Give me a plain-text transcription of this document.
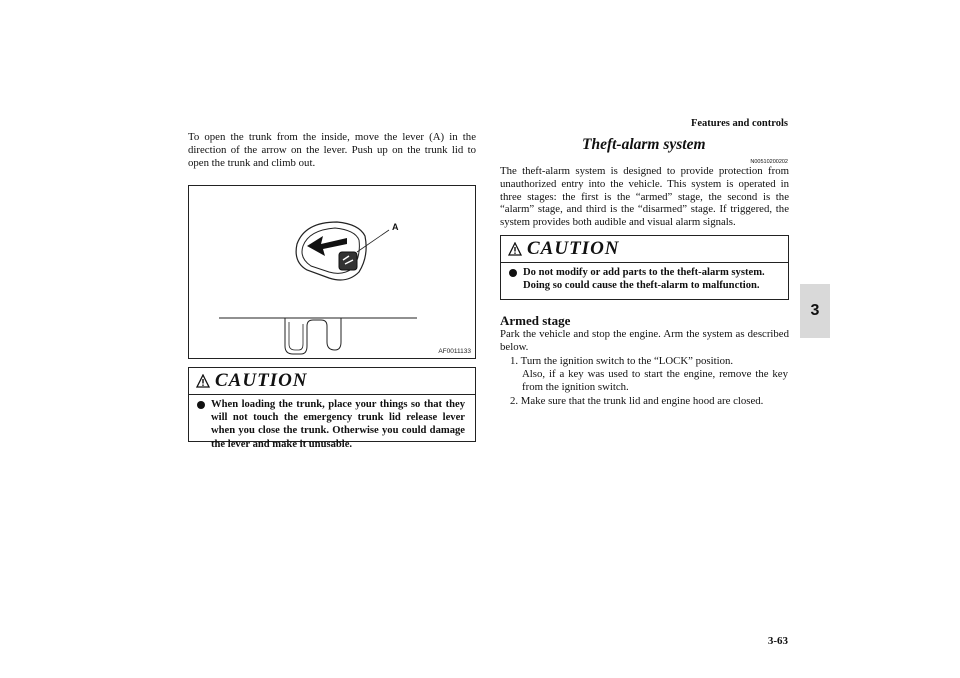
Features and controls
3
To open the trunk from the inside, move the lever (A) in the direction of the arrow on the lever. Push up on the trunk lid to open the trunk and climb out.
A
AF0011133
CAUTION
When loading the trunk, place your things so that they will not touch the emergency trunk lid release lever when you close the trunk. Otherwise you could damage the lever and make it unusable.
Theft-alarm system
N00510200202
The theft-alarm system is designed to provide protection from unauthorized entry into the vehicle. This system is operated in three stages: the first is the “armed” stage, the second is the “alarm” stage, and third is the “disarmed” stage. If triggered, the system provides both audible and visual alarm signals.
CAUTION
Do not modify or add parts to the theft-alarm system.
Doing so could cause the theft-alarm to malfunction.
Armed stage
Park the vehicle and stop the engine. Arm the system as described below.
1. Turn the ignition switch to the “LOCK” position.
Also, if a key was used to start the engine, remove the key from the ignition switch.
2. Make sure that the trunk lid and engine hood are closed.
3-63
